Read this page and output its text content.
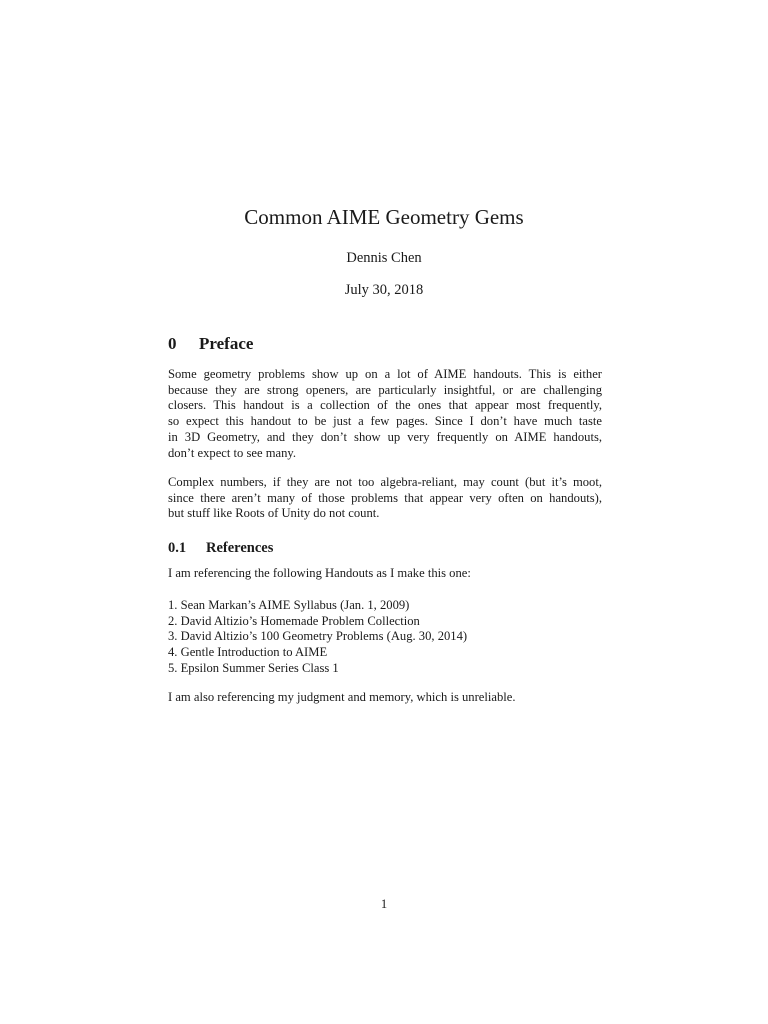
Common AIME Geometry Gems
Dennis Chen
July 30, 2018
0 Preface
Some geometry problems show up on a lot of AIME handouts. This is either
because they are strong openers, are particularly insightful, or are challenging
closers. This handout is a collection of the ones that appear most frequently,
so expect this handout to be just a few pages. Since I don’t have much taste
in 3D Geometry, and they don’t show up very frequently on AIME handouts,
don’t expect to see many.
Complex numbers, if they are not too algebra-reliant, may count (but it’s moot,
since there aren’t many of those problems that appear very often on handouts),
but stuff like Roots of Unity do not count.
0.1 References
I am referencing the following Handouts as I make this one:
1. Sean Markan’s AIME Syllabus (Jan. 1, 2009)
2. David Altizio’s Homemade Problem Collection
3. David Altizio’s 100 Geometry Problems (Aug. 30, 2014)
4. Gentle Introduction to AIME
5. Epsilon Summer Series Class 1
I am also referencing my judgment and memory, which is unreliable.
1
